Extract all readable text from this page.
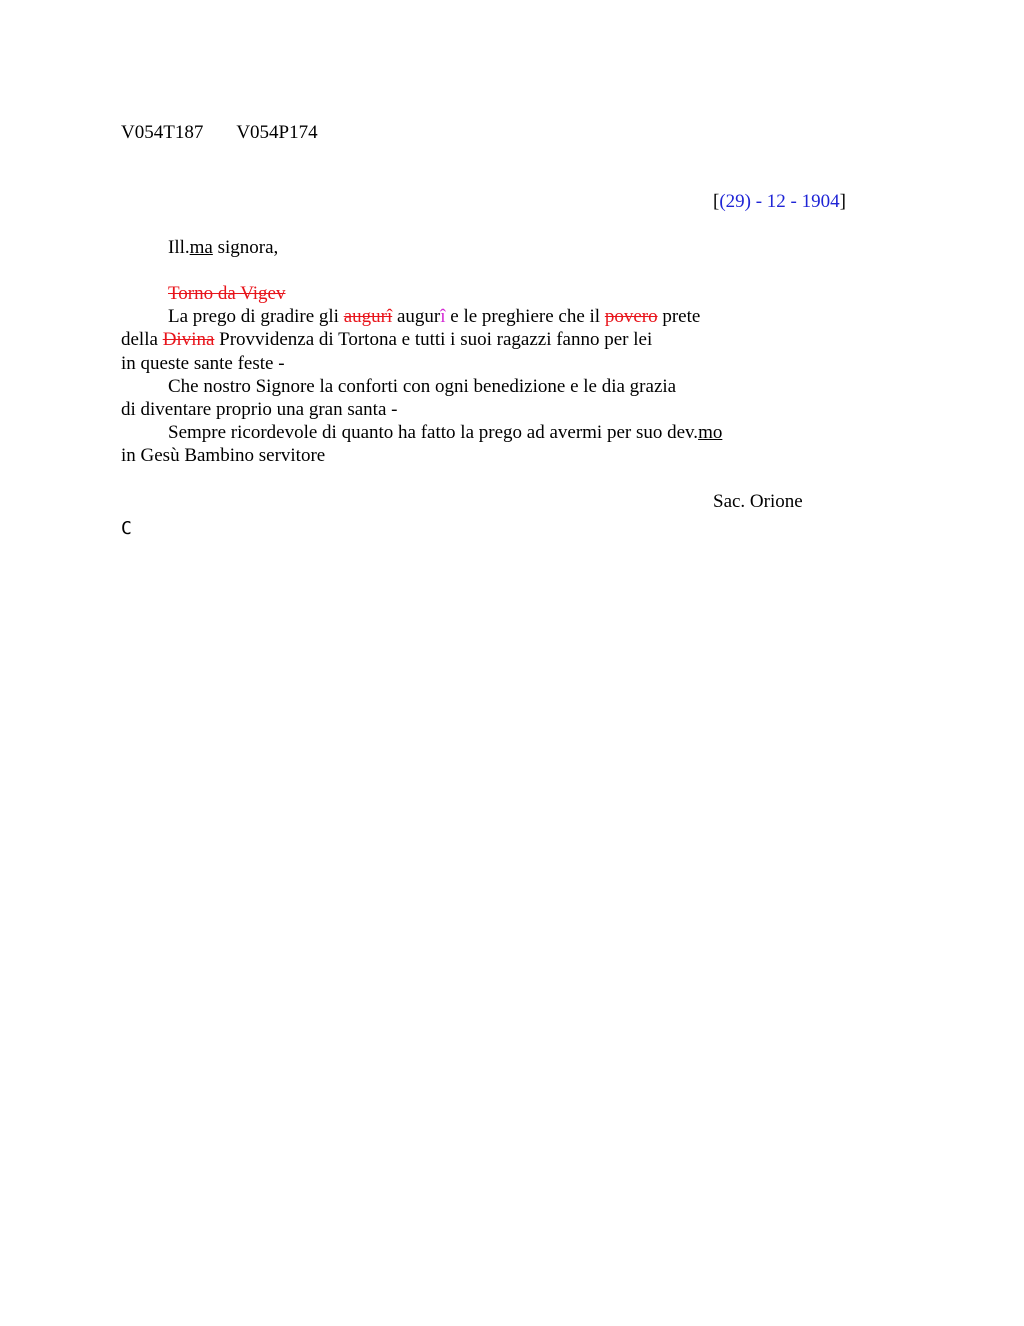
V054T187 V054P174
[(29) - 12 - 1904]
Ill.ma signora,
Torno da Vigev
La prego di gradire gli augurî augurî e le preghiere che il povero prete
della Divina Provvidenza di Tortona e tutti i suoi ragazzi fanno per lei
in queste sante feste -
Che nostro Signore la conforti con ogni benedizione e le dia grazia
di diventare proprio una gran santa -
Sempre ricordevole di quanto ha fatto la prego ad avermi per suo dev.mo
in Gesù Bambino servitore
Sac. Orione
C
